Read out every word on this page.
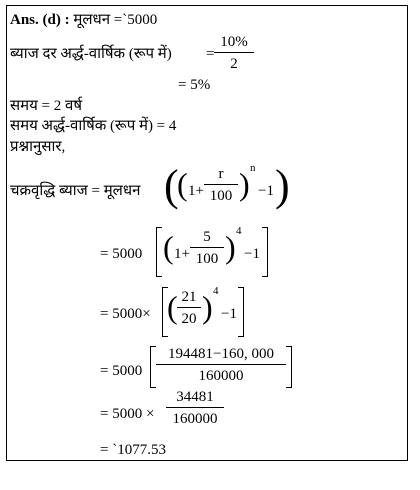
Ans. (d) : मूलधन =`5000
ब्याज दर अर्द्ध-वार्षिक (रूप में) =
10%
2
= 5%
समय = 2 वर्ष
समय अर्द्ध-वार्षिक (रूप में) = 4
प्रश्नानुसार,
चक्रवृद्धि ब्याज = मूलधन (
( 1+
r
100 ) n
−1 )
= 5000 ( 1+
5
100 ) 4
−1
= 5000× ( 21
20 ) 4
−1
= 5000
194481−160, 000
160000
= 5000 ×
34481
160000
= `1077.53
